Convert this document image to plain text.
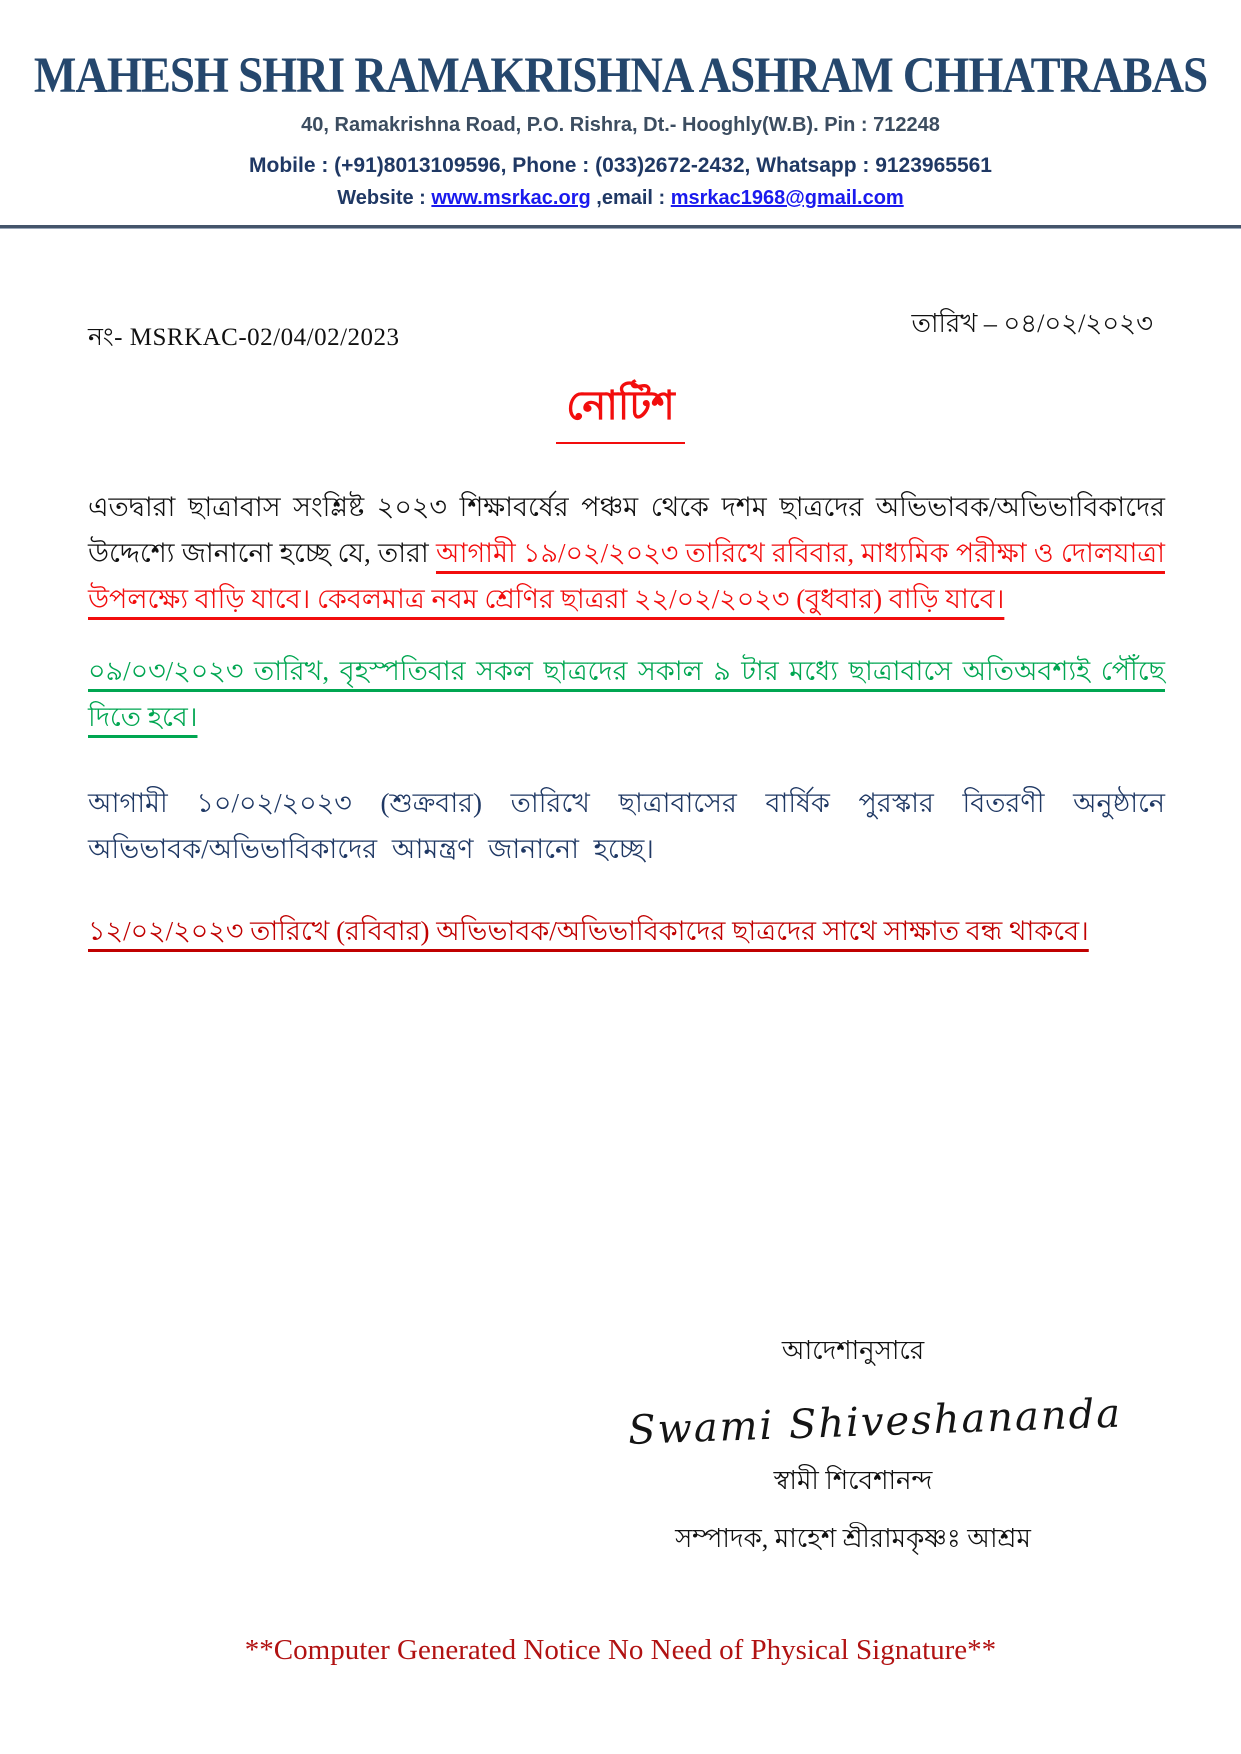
MAHESH SHRI RAMAKRISHNA ASHRAM CHHATRABAS
40, Ramakrishna Road, P.O. Rishra, Dt.- Hooghly(W.B). Pin : 712248
Mobile : (+91)8013109596, Phone : (033)2672-2432, Whatsapp : 9123965561
Website : www.msrkac.org ,email : msrkac1968@gmail.com
নং- MSRKAC-02/04/02/2023	তারিখ – ০৪/০২/২০২৩
নোটিশ

এতদ্বারা ছাত্রাবাস সংশ্লিষ্ট ২০২৩ শিক্ষাবর্ষের পঞ্চম থেকে দশম ছাত্রদের অভিভাবক/অভিভাবিকাদের উদ্দেশ্যে জানানো হচ্ছে যে, তারা আগামী ১৯/০২/২০২৩ তারিখে রবিবার, মাধ্যমিক পরীক্ষা ও দোলযাত্রা উপলক্ষ্যে বাড়ি যাবে। কেবলমাত্র নবম শ্রেণির ছাত্ররা ২২/০২/২০২৩ (বুধবার) বাড়ি যাবে।

০৯/০৩/২০২৩ তারিখ, বৃহস্পতিবার সকল ছাত্রদের সকাল ৯ টার মধ্যে ছাত্রাবাসে অতিঅবশ্যই পৌঁছে দিতে হবে।

আগামী ১০/০২/২০২৩ (শুক্রবার) তারিখে ছাত্রাবাসের বার্ষিক পুরস্কার বিতরণী অনুষ্ঠানে অভিভাবক/অভিভাবিকাদের আমন্ত্রণ জানানো হচ্ছে।

১২/০২/২০২৩ তারিখে (রবিবার) অভিভাবক/অভিভাবিকাদের ছাত্রদের সাথে সাক্ষাত বন্ধ থাকবে।

আদেশানুসারে
Swami Shiveshananda
স্বামী শিবেশানন্দ
সম্পাদক, মাহেশ শ্রীরামকৃষ্ণঃ আশ্রম
**Computer Generated Notice No Need of Physical Signature**
